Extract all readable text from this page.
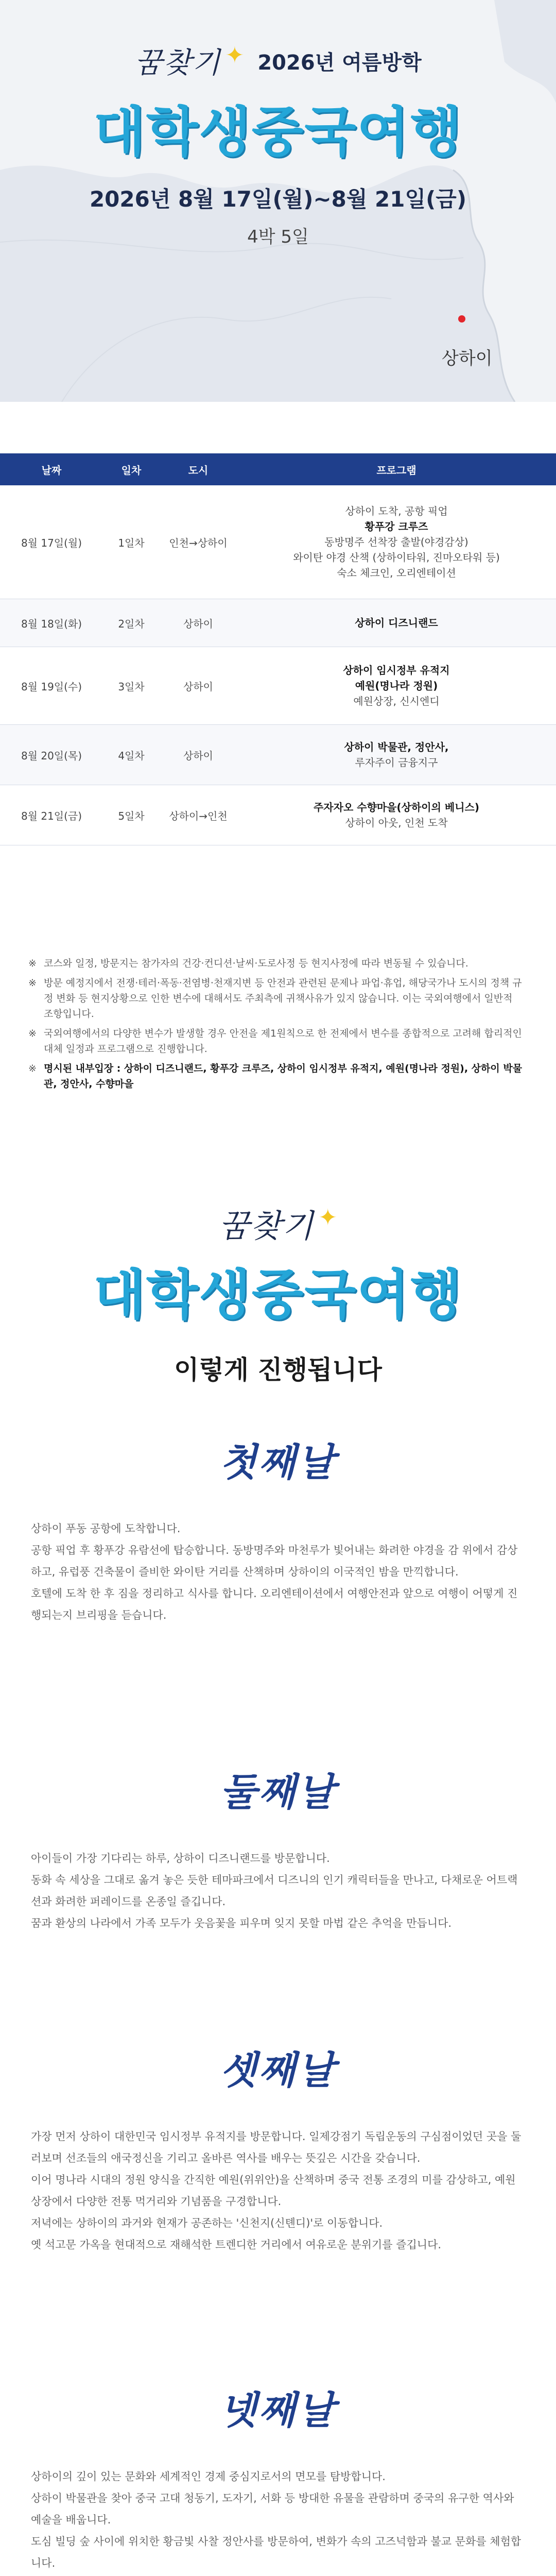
꿈찾기 ✦ 2026년 여름방학
대학생중국여행
2026년 8월 17일(월)~8월 21일(금)
4박 5일
상하이
날짜	일차	도시	프로그램
8월 17일(월)	1일차	인천→상하이
상하이 도착, 공항 픽업
황푸강 크루즈
동방명주 선착장 출발(야경감상)
와이탄 야경 산책 (상하이타워, 진마오타워 등)
숙소 체크인, 오리엔테이션
8월 18일(화)	2일차	상하이	상하이 디즈니랜드
8월 19일(수)	3일차	상하이
상하이 임시정부 유적지
예원(명나라 정원)
예원상장, 신시엔디
8월 20일(목)	4일차	상하이
상하이 박물관, 정안사,
루자주이 금융지구
8월 21일(금)	5일차	상하이→인천
주자자오 수향마을(상하이의 베니스)
상하이 아웃, 인천 도착

※ 코스와 일정, 방문지는 참가자의 건강·컨디션·날씨·도로사정 등 현지사정에 따라 변동될 수 있습니다.

※ 방문 예정지에서 전쟁·테러·폭동·전염병·천재지변 등 안전과 관련된 문제나 파업·휴업, 해당국가나 도시의 정책 규정 변화 등 현지상황으로 인한 변수에 대해서도 주최측에 귀책사유가 있지 않습니다. 이는 국외여행에서 일반적 조항입니다.

※ 국외여행에서의 다양한 변수가 발생할 경우 안전을 제1원칙으로 한 전제에서 변수를 종합적으로 고려해 합리적인 대체 일정과 프로그램으로 진행합니다.

※ 명시된 내부입장 : 상하이 디즈니랜드, 황푸강 크루즈, 상하이 임시정부 유적지, 예원(명나라 정원), 상하이 박물관, 정안사, 수향마을

꿈찾기 ✦
대학생중국여행
이렇게 진행됩니다
첫째날

상하이 푸동 공항에 도착합니다.

공항 픽업 후 황푸강 유람선에 탑승합니다. 동방명주와 마천루가 빛어내는 화려한 야경을 감 위에서 감상하고, 유럽풍 건축물이 즐비한 와이탄 거리를 산책하며 상하이의 이국적인 밤을 만끽합니다.

호텔에 도착 한 후 짐을 정리하고 식사를 합니다. 오리엔테이션에서 여행안전과 앞으로 여행이 어떻게 진행되는지 브리핑을 듣습니다.

둘째날

아이들이 가장 기다리는 하루, 상하이 디즈니랜드를 방문합니다.

동화 속 세상을 그대로 옮겨 놓은 듯한 테마파크에서 디즈니의 인기 캐릭터들을 만나고, 다채로운 어트랙션과 화려한 퍼레이드를 온종일 즐깁니다.

꿈과 환상의 나라에서 가족 모두가 웃음꽃을 피우며 잊지 못할 마법 같은 추억을 만듭니다.

셋째날

가장 먼저 상하이 대한민국 임시정부 유적지를 방문합니다. 일제강점기 독립운동의 구심점이었던 곳을 둘러보며 선조들의 애국정신을 기리고 올바른 역사를 배우는 뜻깊은 시간을 갖습니다.

이어 명나라 시대의 정원 양식을 간직한 예원(위위안)을 산책하며 중국 전통 조경의 미를 감상하고, 예원상장에서 다양한 전통 먹거리와 기념품을 구경합니다.

저녁에는 상하이의 과거와 현재가 공존하는 '신천지(신톈디)'로 이동합니다.

옛 석고문 가옥을 현대적으로 재해석한 트렌디한 거리에서 여유로운 분위기를 즐깁니다.

넷째날

상하이의 깊이 있는 문화와 세계적인 경제 중심지로서의 면모를 탐방합니다.

상하이 박물관을 찾아 중국 고대 청동기, 도자기, 서화 등 방대한 유물을 관람하며 중국의 유구한 역사와 예술을 배웁니다.

도심 빌딩 숲 사이에 위치한 황금빛 사찰 정안사를 방문하여, 변화가 속의 고즈넉함과 불교 문화를 체험합니다.
